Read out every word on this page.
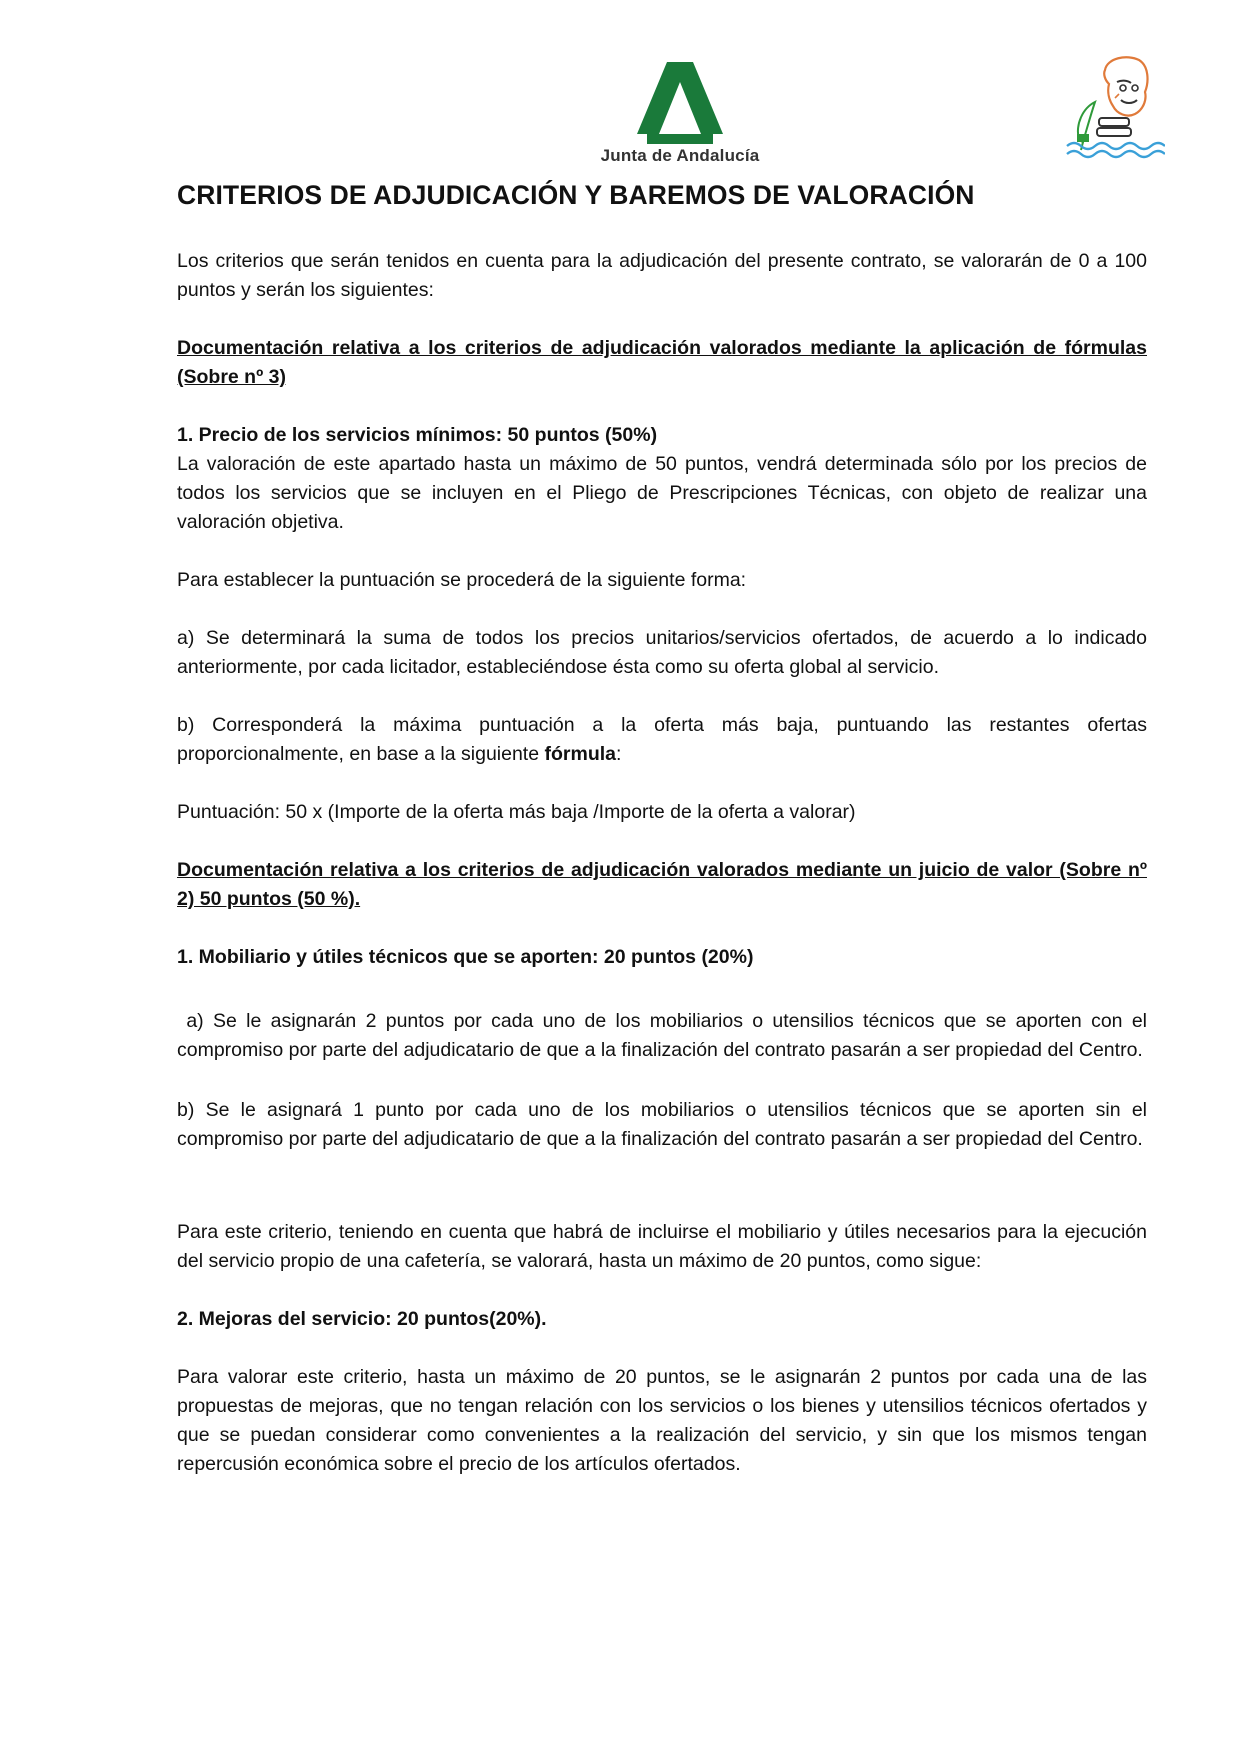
Junta de Andalucía
CRITERIOS DE ADJUDICACIÓN Y BAREMOS DE VALORACIÓN

Los criterios que serán tenidos en cuenta para la adjudicación del presente contrato, se valorarán de 0 a 100 puntos y serán los siguientes:

Documentación relativa a los criterios de adjudicación valorados mediante la aplicación de fórmulas (Sobre nº 3)

1. Precio de los servicios mínimos: 50 puntos (50%)

La valoración de este apartado hasta un máximo de 50 puntos, vendrá determinada sólo por los precios de todos los servicios que se incluyen en el Pliego de Prescripciones Técnicas, con objeto de realizar una valoración objetiva.

Para establecer la puntuación se procederá de la siguiente forma:

a) Se determinará la suma de todos los precios unitarios/servicios ofertados, de acuerdo a lo indicado anteriormente, por cada licitador, estableciéndose ésta como su oferta global al servicio.

b) Corresponderá la máxima puntuación a la oferta más baja, puntuando las restantes ofertas proporcionalmente, en base a la siguiente fórmula:

Puntuación: 50 x (Importe de la oferta más baja /Importe de la oferta a valorar)

Documentación relativa a los criterios de adjudicación valorados mediante un juicio de valor (Sobre nº 2) 50 puntos (50 %).

1. Mobiliario y útiles técnicos que se aporten: 20 puntos (20%)

a) Se le asignarán 2 puntos por cada uno de los mobiliarios o utensilios técnicos que se aporten con el compromiso por parte del adjudicatario de que a la finalización del contrato pasarán a ser propiedad del Centro.

b) Se le asignará 1 punto por cada uno de los mobiliarios o utensilios técnicos que se aporten sin el compromiso por parte del adjudicatario de que a la finalización del contrato pasarán a ser propiedad del Centro.

Para este criterio, teniendo en cuenta que habrá de incluirse el mobiliario y útiles necesarios para la ejecución del servicio propio de una cafetería, se valorará, hasta un máximo de 20 puntos, como sigue:

2. Mejoras del servicio: 20 puntos(20%).

Para valorar este criterio, hasta un máximo de 20 puntos, se le asignarán 2 puntos por cada una de las propuestas de mejoras, que no tengan relación con los servicios o los bienes y utensilios técnicos ofertados y que se puedan considerar como convenientes a la realización del servicio, y sin que los mismos tengan repercusión económica sobre el precio de los artículos ofertados.
